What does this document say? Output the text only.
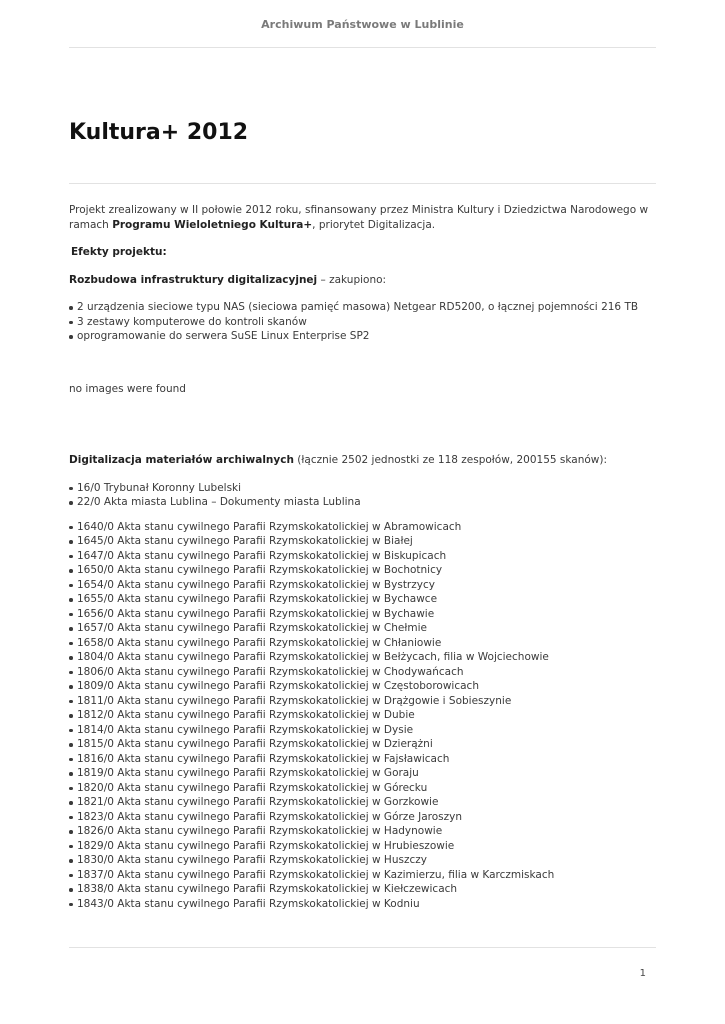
Archiwum Państwowe w Lublinie
Kultura+ 2012

Projekt zrealizowany w II połowie 2012 roku, sfinansowany przez Ministra Kultury i Dziedzictwa Narodowego w ramach Programu Wieloletniego Kultura+, priorytet Digitalizacja.

Efekty projektu:

Rozbudowa infrastruktury digitalizacyjnej – zakupiono:

2 urządzenia sieciowe typu NAS (sieciowa pamięć masowa) Netgear RD5200, o łącznej pojemności 216 TB
3 zestawy komputerowe do kontroli skanów
oprogramowanie do serwera SuSE Linux Enterprise SP2

no images were found

Digitalizacja materiałów archiwalnych (łącznie 2502 jednostki ze 118 zespołów, 200155 skanów):

16/0 Trybunał Koronny Lubelski
22/0 Akta miasta Lublina – Dokumenty miasta Lublina
1640/0 Akta stanu cywilnego Parafii Rzymskokatolickiej w Abramowicach
1645/0 Akta stanu cywilnego Parafii Rzymskokatolickiej w Białej
1647/0 Akta stanu cywilnego Parafii Rzymskokatolickiej w Biskupicach
1650/0 Akta stanu cywilnego Parafii Rzymskokatolickiej w Bochotnicy
1654/0 Akta stanu cywilnego Parafii Rzymskokatolickiej w Bystrzycy
1655/0 Akta stanu cywilnego Parafii Rzymskokatolickiej w Bychawce
1656/0 Akta stanu cywilnego Parafii Rzymskokatolickiej w Bychawie
1657/0 Akta stanu cywilnego Parafii Rzymskokatolickiej w Chełmie
1658/0 Akta stanu cywilnego Parafii Rzymskokatolickiej w Chłaniowie
1804/0 Akta stanu cywilnego Parafii Rzymskokatolickiej w Bełżycach, filia w Wojciechowie
1806/0 Akta stanu cywilnego Parafii Rzymskokatolickiej w Chodywańcach
1809/0 Akta stanu cywilnego Parafii Rzymskokatolickiej w Częstoborowicach
1811/0 Akta stanu cywilnego Parafii Rzymskokatolickiej w Drążgowie i Sobieszynie
1812/0 Akta stanu cywilnego Parafii Rzymskokatolickiej w Dubie
1814/0 Akta stanu cywilnego Parafii Rzymskokatolickiej w Dysie
1815/0 Akta stanu cywilnego Parafii Rzymskokatolickiej w Dzierążni
1816/0 Akta stanu cywilnego Parafii Rzymskokatolickiej w Fajsławicach
1819/0 Akta stanu cywilnego Parafii Rzymskokatolickiej w Goraju
1820/0 Akta stanu cywilnego Parafii Rzymskokatolickiej w Górecku
1821/0 Akta stanu cywilnego Parafii Rzymskokatolickiej w Gorzkowie
1823/0 Akta stanu cywilnego Parafii Rzymskokatolickiej w Górze Jaroszyn
1826/0 Akta stanu cywilnego Parafii Rzymskokatolickiej w Hadynowie
1829/0 Akta stanu cywilnego Parafii Rzymskokatolickiej w Hrubieszowie
1830/0 Akta stanu cywilnego Parafii Rzymskokatolickiej w Huszczy
1837/0 Akta stanu cywilnego Parafii Rzymskokatolickiej w Kazimierzu, filia w Karczmiskach
1838/0 Akta stanu cywilnego Parafii Rzymskokatolickiej w Kiełczewicach
1843/0 Akta stanu cywilnego Parafii Rzymskokatolickiej w Kodniu
1
